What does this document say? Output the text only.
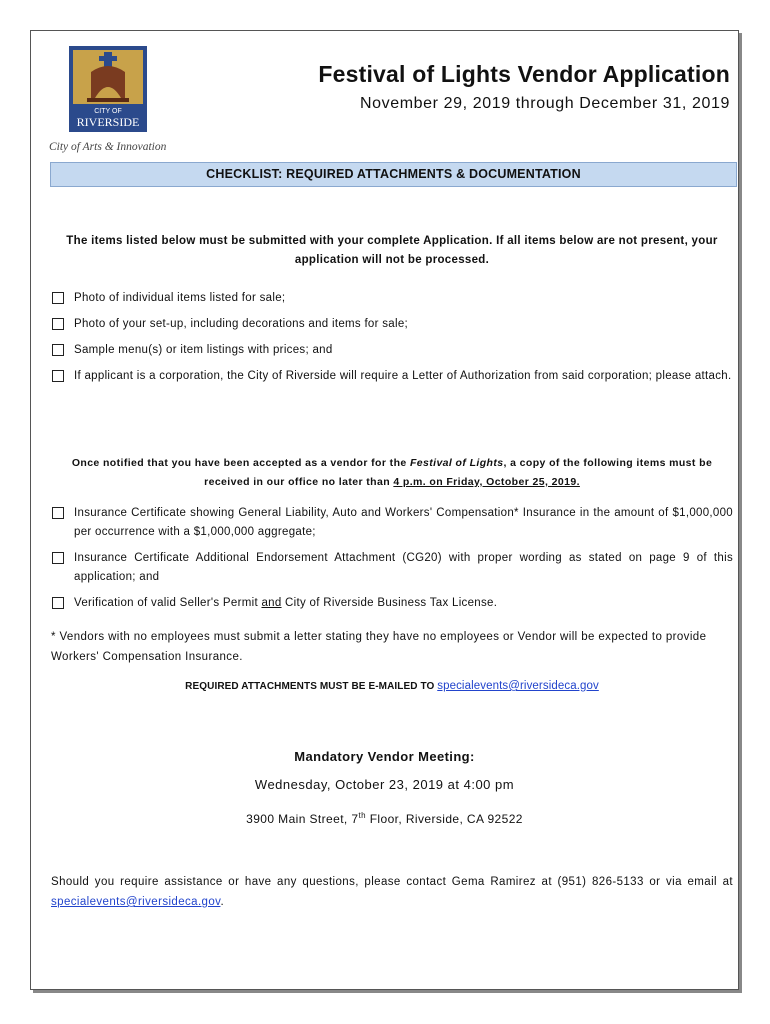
CITY OF
RIVERSIDE
City of Arts & Innovation
Festival of Lights Vendor Application
November 29, 2019 through December 31, 2019
CHECKLIST: REQUIRED ATTACHMENTS & DOCUMENTATION
The items listed below must be submitted with your complete Application. If all items below are not present, your application will not be processed.
Photo of individual items listed for sale;
Photo of your set-up, including decorations and items for sale;
Sample menu(s) or item listings with prices; and
If applicant is a corporation, the City of Riverside will require a Letter of Authorization from said corporation; please attach.
Once notified that you have been accepted as a vendor for the Festival of Lights, a copy of the following items must be received in our office no later than 4 p.m. on Friday, October 25, 2019.
Insurance Certificate showing General Liability, Auto and Workers' Compensation* Insurance in the amount of $1,000,000 per occurrence with a $1,000,000 aggregate;
Insurance Certificate Additional Endorsement Attachment (CG20) with proper wording as stated on page 9 of this application; and
Verification of valid Seller's Permit and City of Riverside Business Tax License.
* Vendors with no employees must submit a letter stating they have no employees or Vendor will be expected to provide Workers' Compensation Insurance.
REQUIRED ATTACHMENTS MUST BE E-MAILED TO specialevents@riversideca.gov
Mandatory Vendor Meeting:
Wednesday, October 23, 2019 at 4:00 pm
3900 Main Street, 7th Floor, Riverside, CA 92522
Should you require assistance or have any questions, please contact Gema Ramirez at (951) 826-5133 or via email at specialevents@riversideca.gov.
